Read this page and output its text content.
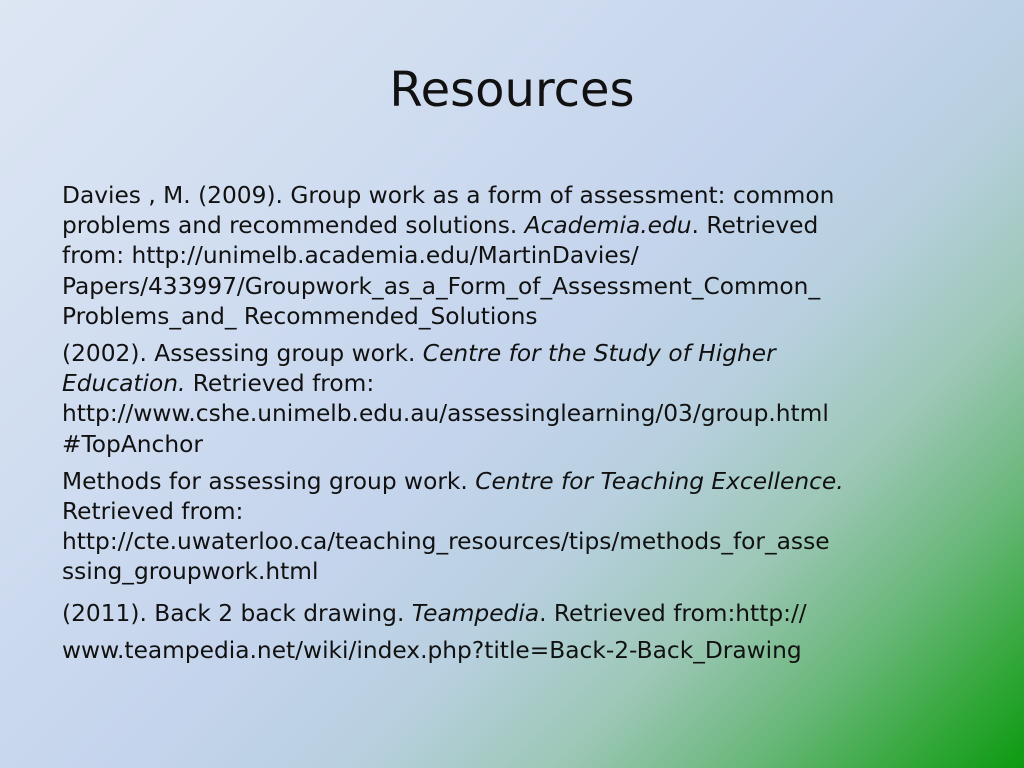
Resources

Davies , M. (2009). Group work as a form of assessment: common
problems and recommended solutions. Academia.edu. Retrieved
from: http://unimelb.academia.edu/MartinDavies/
Papers/433997/Groupwork_as_a_Form_of_Assessment_Common_
Problems_and_ Recommended_Solutions

(2002). Assessing group work. Centre for the Study of Higher
Education. Retrieved from:
http://www.cshe.unimelb.edu.au/assessinglearning/03/group.html
#TopAnchor

Methods for assessing group work. Centre for Teaching Excellence.
Retrieved from:
http://cte.uwaterloo.ca/teaching_resources/tips/methods_for_asse
ssing_groupwork.html

(2011). Back 2 back drawing. Teampedia. Retrieved from:http://
www.teampedia.net/wiki/index.php?title=Back-2-Back_Drawing
